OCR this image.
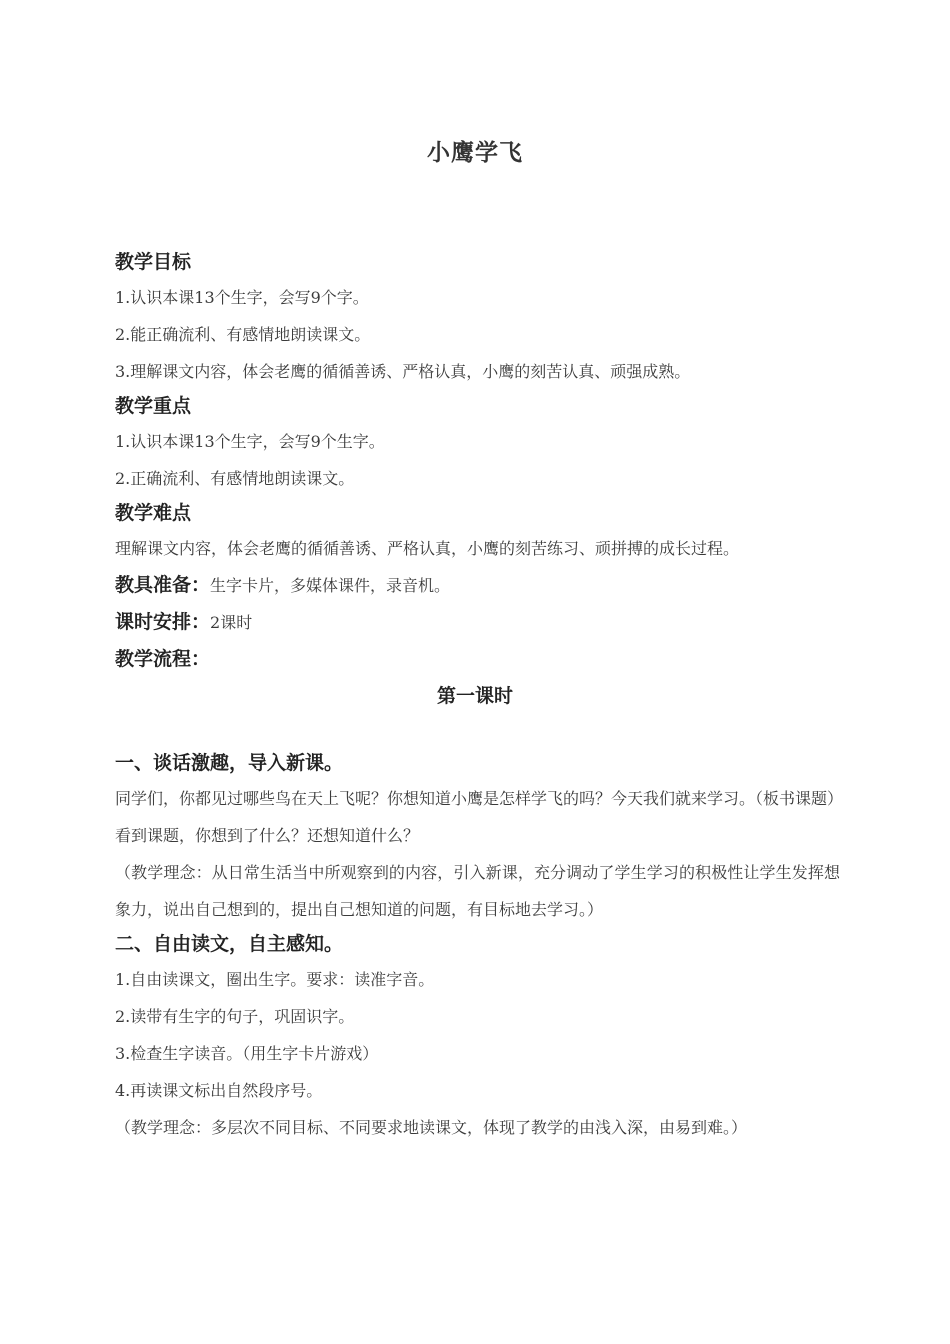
小鹰学飞
教学目标
1.认识本课13个生字，会写9个字。
2.能正确流利、有感情地朗读课文。
3.理解课文内容，体会老鹰的循循善诱、严格认真，小鹰的刻苦认真、顽强成熟。
教学重点
1.认识本课13个生字，会写9个生字。
2.正确流利、有感情地朗读课文。
教学难点
理解课文内容，体会老鹰的循循善诱、严格认真，小鹰的刻苦练习、顽拼搏的成长过程。
教具准备：生字卡片，多媒体课件，录音机。
课时安排：2课时
教学流程：
第一课时
一、谈话激趣，导入新课。
同学们，你都见过哪些鸟在天上飞呢？你想知道小鹰是怎样学飞的吗？今天我们就来学习。（板书课题）
看到课题，你想到了什么？还想知道什么？
（教学理念：从日常生活当中所观察到的内容，引入新课，充分调动了学生学习的积极性让学生发挥想象力，说出自己想到的，提出自己想知道的问题，有目标地去学习。）
二、自由读文，自主感知。
1.自由读课文，圈出生字。要求：读准字音。
2.读带有生字的句子，巩固识字。
3.检查生字读音。（用生字卡片游戏）
4.再读课文标出自然段序号。
（教学理念：多层次不同目标、不同要求地读课文，体现了教学的由浅入深，由易到难。）
